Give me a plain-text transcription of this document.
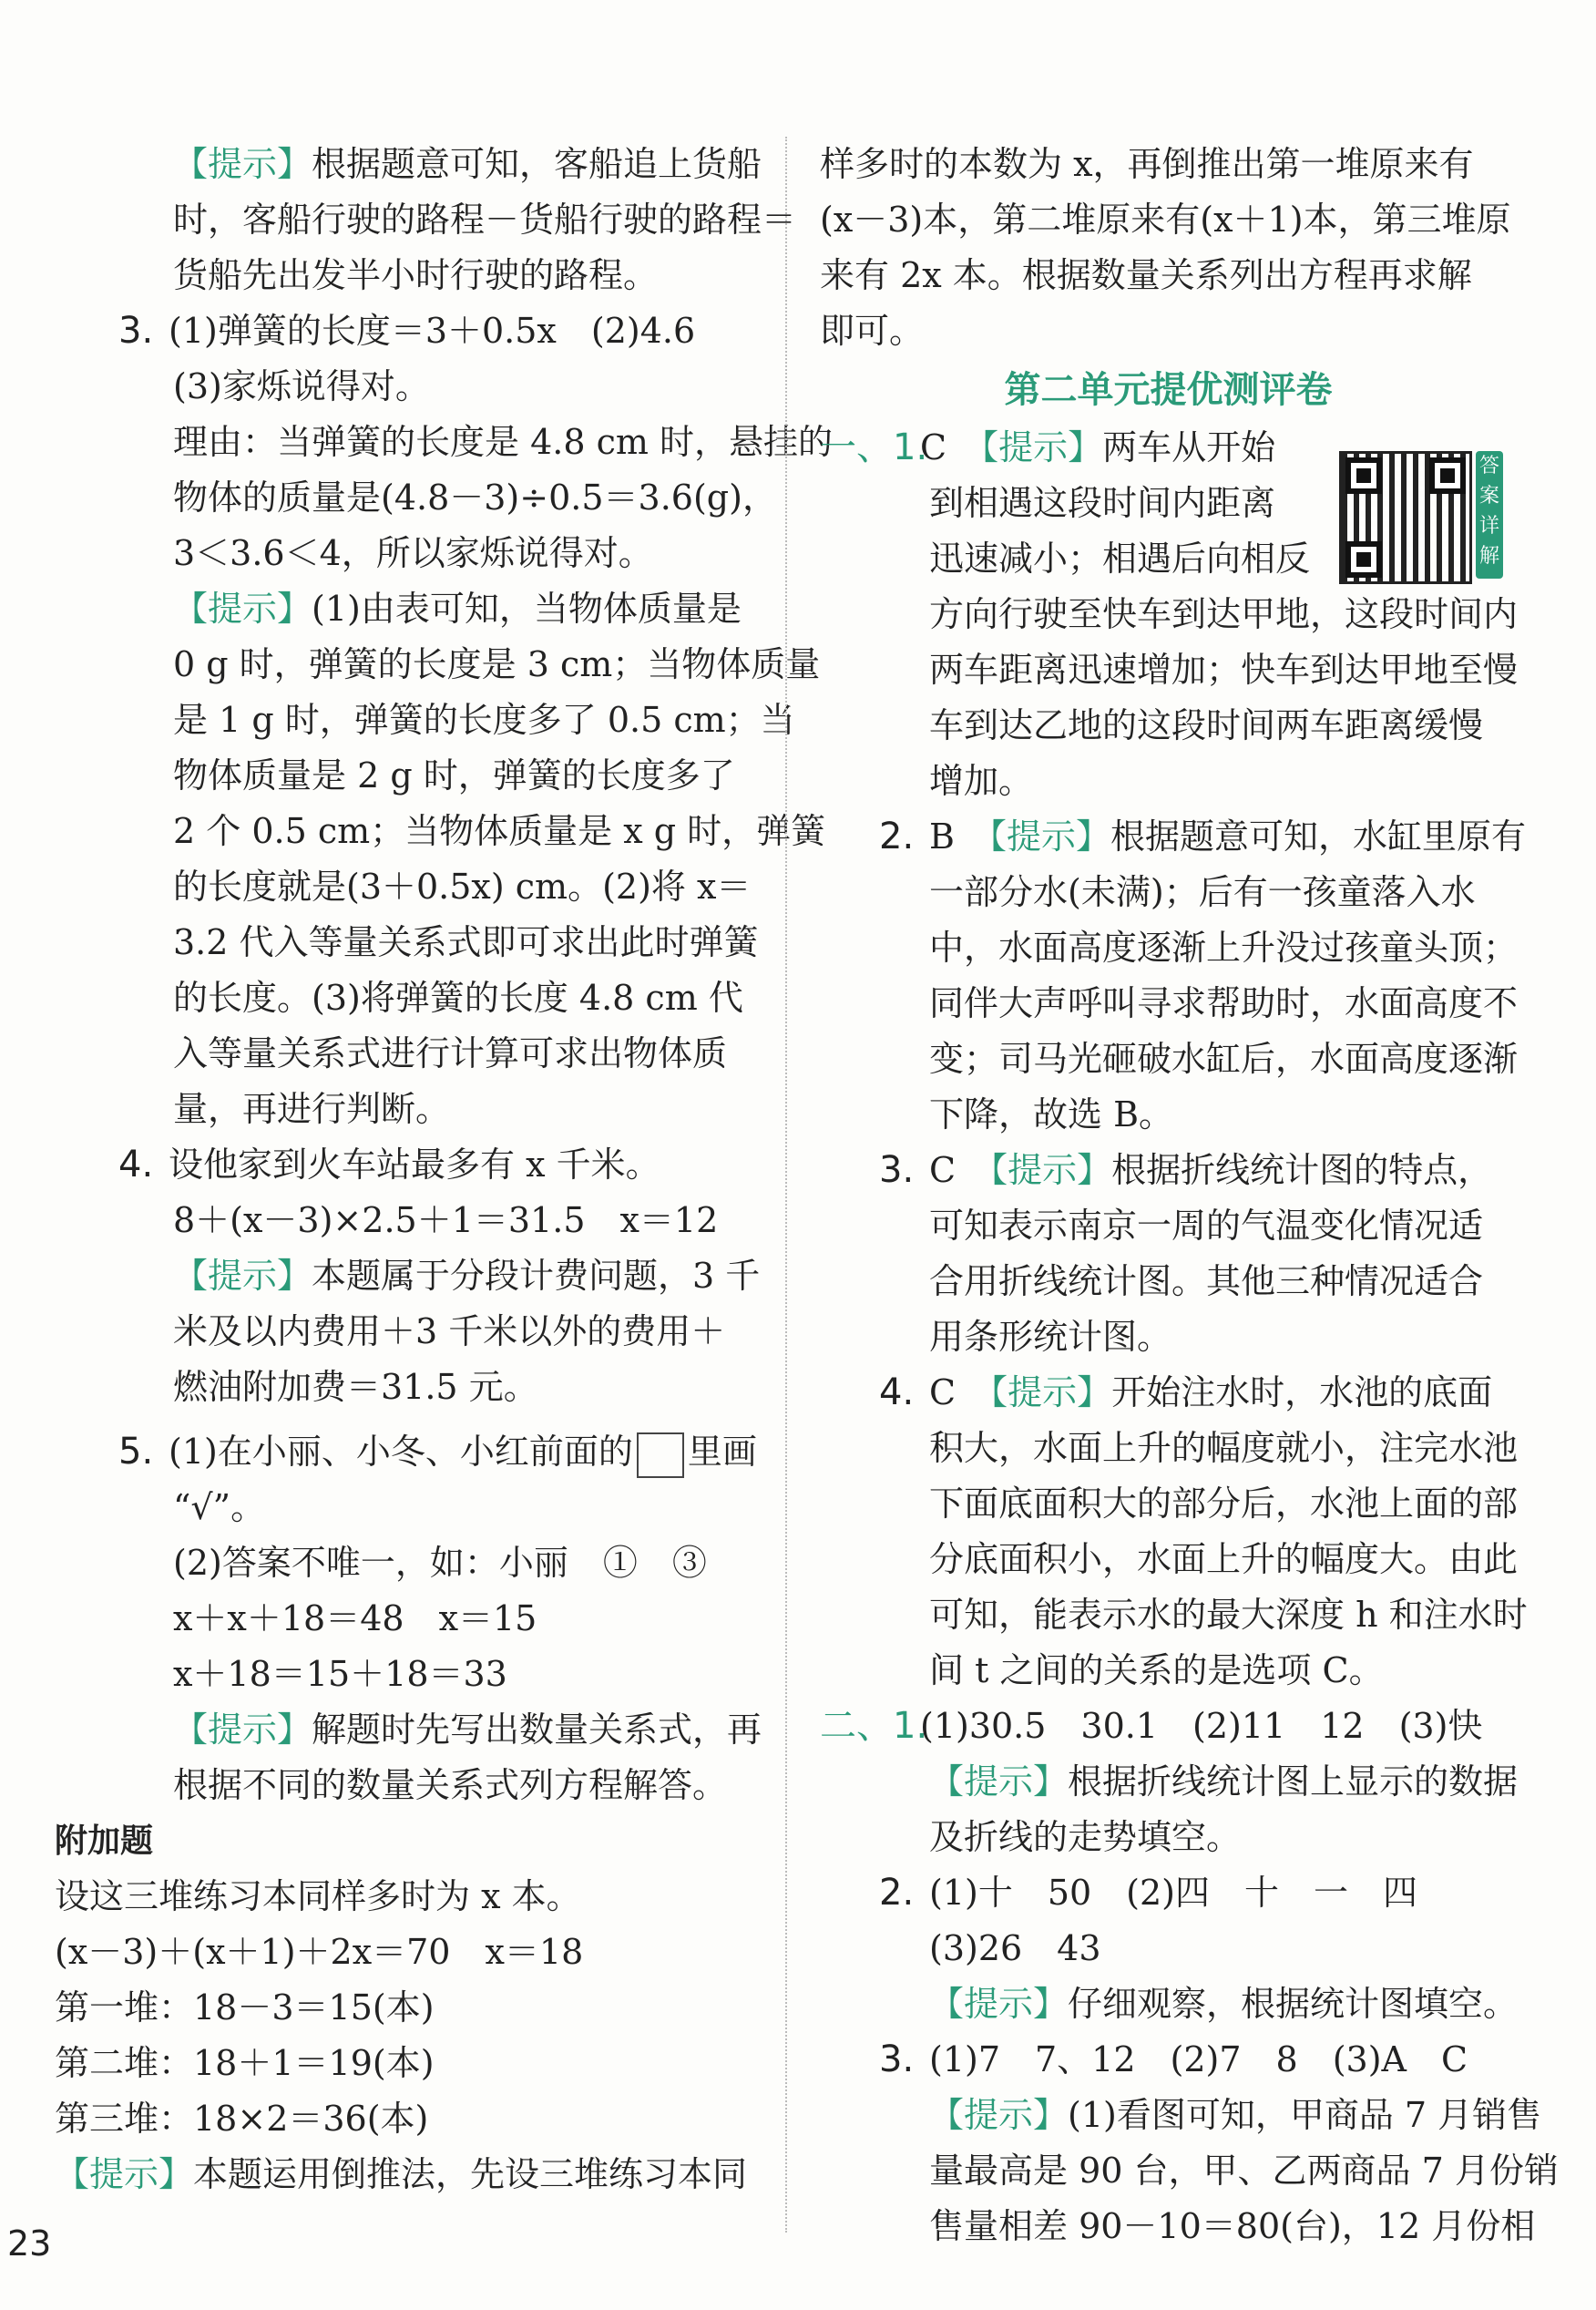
【提示】根据题意可知，客船追上货船
时，客船行驶的路程－货船行驶的路程＝
货船先出发半小时行驶的路程。
3. (1)弹簧的长度＝3＋0.5x　(2)4.6
(3)家烁说得对。
理由：当弹簧的长度是 4.8 cm 时，悬挂的
物体的质量是(4.8－3)÷0.5＝3.6(g)，
3＜3.6＜4，所以家烁说得对。
【提示】(1)由表可知，当物体质量是
0 g 时，弹簧的长度是 3 cm；当物体质量
是 1 g 时，弹簧的长度多了 0.5 cm；当
物体质量是 2 g 时，弹簧的长度多了
2 个 0.5 cm；当物体质量是 x g 时，弹簧
的长度就是(3＋0.5x) cm。(2)将 x＝
3.2 代入等量关系式即可求出此时弹簧
的长度。(3)将弹簧的长度 4.8 cm 代
入等量关系式进行计算可求出物体质
量，再进行判断。
4. 设他家到火车站最多有 x 千米。
8＋(x－3)×2.5＋1＝31.5　x＝12
【提示】本题属于分段计费问题，3 千
米及以内费用＋3 千米以外的费用＋
燃油附加费＝31.5 元。
5. (1)在小丽、小冬、小红前面的 里画
“√”。
(2)答案不唯一，如：小丽　①　③
x＋x＋18＝48　x＝15
x＋18＝15＋18＝33
【提示】解题时先写出数量关系式，再
根据不同的数量关系式列方程解答。
附加题
设这三堆练习本同样多时为 x 本。
(x－3)＋(x＋1)＋2x＝70　x＝18
第一堆：18－3＝15(本)
第二堆：18＋1＝19(本)
第三堆：18×2＝36(本)
【提示】本题运用倒推法，先设三堆练习本同
样多时的本数为 x，再倒推出第一堆原来有
(x－3)本，第二堆原来有(x＋1)本，第三堆原
来有 2x 本。根据数量关系列出方程再求解
即可。
第二单元提优测评卷
一、1.C　【提示】两车从开始
到相遇这段时间内距离
迅速减小；相遇后向相反
方向行驶至快车到达甲地，这段时间内
两车距离迅速增加；快车到达甲地至慢
车到达乙地的这段时间两车距离缓慢
增加。
2. B　【提示】根据题意可知，水缸里原有
一部分水(未满)；后有一孩童落入水
中，水面高度逐渐上升没过孩童头顶；
同伴大声呼叫寻求帮助时，水面高度不
变；司马光砸破水缸后，水面高度逐渐
下降，故选 B。
3. C　【提示】根据折线统计图的特点，
可知表示南京一周的气温变化情况适
合用折线统计图。其他三种情况适合
用条形统计图。
4. C　【提示】开始注水时，水池的底面
积大，水面上升的幅度就小，注完水池
下面底面积大的部分后，水池上面的部
分底面积小，水面上升的幅度大。由此
可知，能表示水的最大深度 h 和注水时
间 t 之间的关系的是选项 C。
二、1.(1)30.5　30.1　(2)11　12　(3)快
【提示】根据折线统计图上显示的数据
及折线的走势填空。
2. (1)十　50　(2)四　十　一　四
(3)26　43
【提示】仔细观察，根据统计图填空。
3. (1)7　7、12　(2)7　8　(3)A　C
【提示】(1)看图可知，甲商品 7 月销售
量最高是 90 台，甲、乙两商品 7 月份销
售量相差 90－10＝80(台)，12 月份相
答
案
详
解
23
